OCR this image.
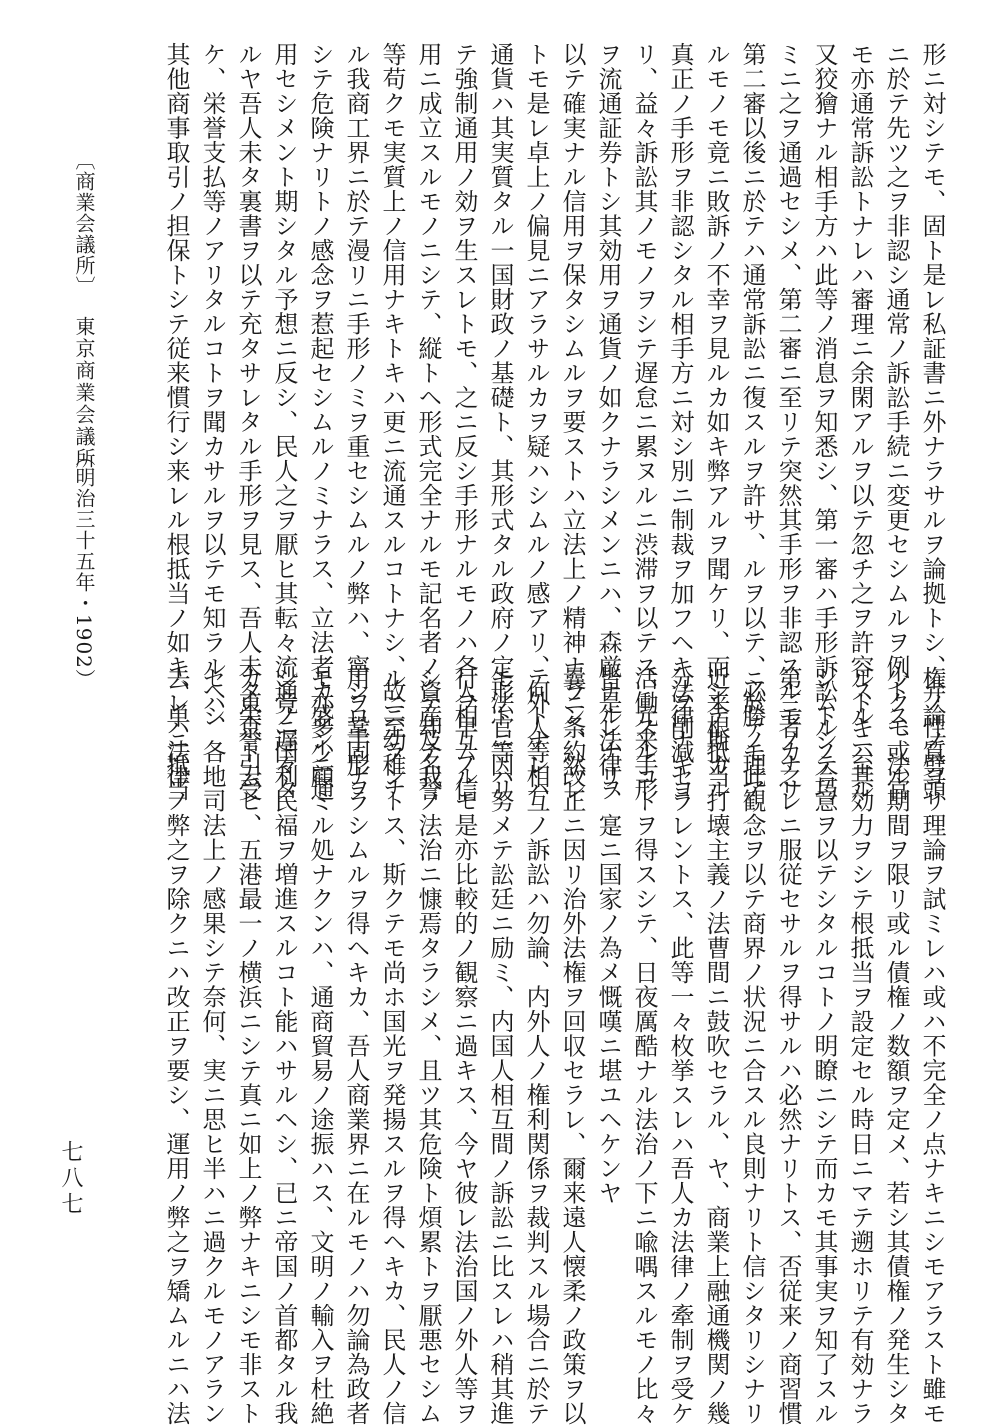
形ニ対シテモ、固ト是レ私証書ニ外ナラサルヲ論拠トシ、弁論ノ劈頭
ニ於テ先ツ之ヲ非認シ通常ノ訴訟手続ニ変更セシムルヲ例トス、法官
モ亦通常訴訟トナレハ審理ニ余閑アルヲ以テ忽チ之ヲ許容スルニ至ル
又狡獪ナル相手方ハ此等ノ消息ヲ知悉シ、第一審ハ手形訴訟トシテ巧
ミニ之ヲ通過セシメ、第二審ニ至リテ突然其手形ヲ非認スルモノナリ
第二審以後ニ於テハ通常訴訟ニ復スルヲ許サ、ルヲ以テ、必勝ノ理ア
ルモノモ竟ニ敗訴ノ不幸ヲ見ルカ如キ弊アルヲ聞ケリ、而シテ斯カル
真正ノ手形ヲ非認シタル相手方ニ対シ別ニ制裁ヲ加フヘキ法律ナキヨ
リ、益々訴訟其ノモノヲシテ遅怠ニ累ヌルニ渋滞ヲ以テス、元来手形
ヲ流通証券トシ其効用ヲ通貨ノ如クナラシメンニハ、森厳ナル法律ヲ
以テ確実ナル信用ヲ保タシムルヲ要ストハ立法上ノ精神ナラン、然レ
トモ是レ卓上ノ偏見ニアラサルカヲ疑ハシムルノ感アリ、何トナレハ
通貨ハ其実質タル一国財政ノ基礎ト、其形式タル政府ノ定形トニ因リ
テ強制通用ノ効ヲ生スレトモ、之ニ反シ手形ナルモノハ各人相互ノ信
用ニ成立スルモノニシテ、縦トヘ形式完全ナルモ記名者ノ資産及名誉
等苟クモ実質上ノ信用ナキトキハ更ニ流通スルコトナシ、故ニ幼稚ナ
ル我商工界ニ於テ漫リニ手形ノミヲ重セシムルノ弊ハ、寧シロ手形ヲ
シテ危険ナリトノ感念ヲ惹起セシムルノミナラス、立法者カ盛ンニ通
用セシメント期シタル予想ニ反シ、民人之ヲ厭ヒ其転々流通ノ遅々タ
ルヤ吾人未タ裏書ヲ以テ充タサレタル手形ヲ見ス、吾人未タ栄誉引受
ケ、栄誉支払等ノアリタルコトヲ聞カサルヲ以テモ知ラルヘシ
其他商事取引ノ担保トシテ従来慣行シ来レル根抵当ノ如キ、単ニ抵当
〔商業会議所〕
東京商業会議所
（明治三十五年・1902）
権ノ性質ヨリ理論ヲ試ミレハ或ハ不完全ノ点ナキニシモアラスト雖モ
少クモ或ル期間ヲ限リ或ル債権ノ数額ヲ定メ、若シ其債権ノ発生シタ
ルトキハ其効力ヲシテ根抵当ヲ設定セル時日ニマテ遡ホリテ有効ナラ
シムルノ合意ヲ以テシタルコトノ明瞭ニシテ而カモ其事実ヲ知了スル
第三者カ之レニ服従セサルヲ得サルハ必然ナリトス、否従来ノ商習慣
ニ於テモ此観念ヲ以テ商界ノ状況ニ合スル良則ナリト信シタリシナリ
近来根抵当打壊主義ノ法曹間ニ鼓吹セラル、ヤ、商業上融通機関ノ幾
分ヲ削減セラレントス、此等一々枚挙スレハ吾人カ法律ノ牽制ヲ受ケ
活働スルコトヲ得スシテ、日夜厲酷ナル法治ノ下ニ喩喁スルモノ比々
皆是レナリ、寔ニ国家ノ為メ慨嘆ニ堪ユヘケンヤ
曩ニ条約改正ニ因リ治外法権ヲ回収セラレ、爾来遠人懐柔ノ政策ヲ以
テ外人等相互ノ訴訟ハ勿論、内外人ノ権利関係ヲ裁判スル場合ニ於テ
モ法官等ハ努メテ訟廷ニ励ミ、内国人相互間ノ訴訟ニ比スレハ稍其進
行ヲ早ムルモ是亦比較的ノ観察ニ過キス、今ヤ彼レ法治国ノ外人等ヲ
シテ却テ我ノ法治ニ慷焉タラシメ、且ツ其危険ト煩累トヲ厭悪セシム
ルニ至ラントス、斯クテモ尚ホ国光ヲ発揚スルヲ得ヘキカ、民人ノ信
用ヲ鞏固ナラシムルヲ得ヘキカ、吾人商業界ニ在ルモノハ勿論為政者
モ亦多少顧ミル処ナクンハ、通商貿易ノ途振ハス、文明ノ輸入ヲ杜絶
シ竟ニ国利民福ヲ増進スルコト能ハサルヘシ、已ニ帝国ノ首都タル我
カ東京ト云ヒ、五港最一ノ横浜ニシテ真ニ如上ノ弊ナキニシモ非スト
セハ、各地司法上ノ感果シテ奈何、実ニ思ヒ半ハニ過クルモノアラン
去レハ法律ノ弊之ヲ除クニハ改正ヲ要シ、運用ノ弊之ヲ矯ムルニハ法
七八七
